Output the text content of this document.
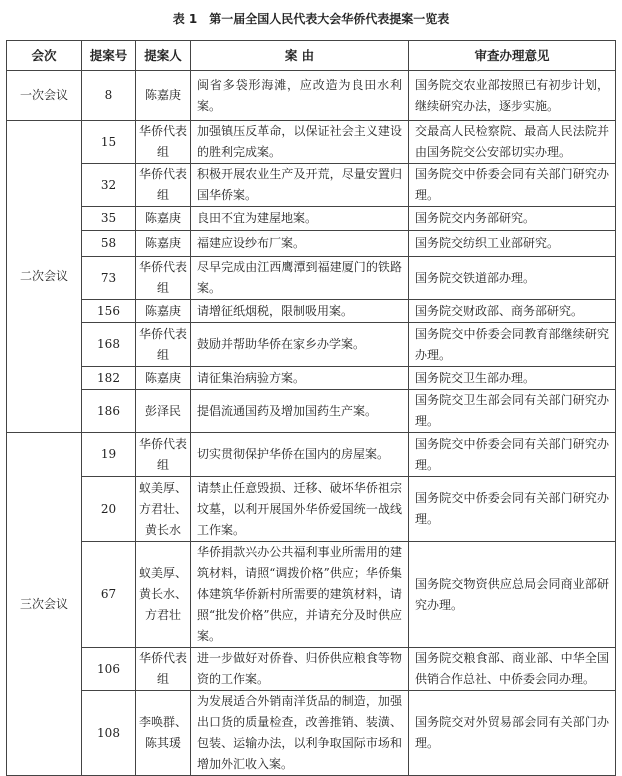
表 1　第一届全国人民代表大会华侨代表提案一览表
会次	提案号	提案人	案 由	审查办理意见
一次会议	8	陈嘉庚	闽省多袋形海滩，应改造为良田水利案。	国务院交农业部按照已有初步计划，继续研究办法，逐步实施。
二次会议	15	华侨代表组	加强镇压反革命，以保证社会主义建设的胜利完成案。	交最高人民检察院、最高人民法院并由国务院交公安部切实办理。
	32	华侨代表组	积极开展农业生产及开荒，尽量安置归国华侨案。	国务院交中侨委会同有关部门研究办理。
	35	陈嘉庚	良田不宜为建屋地案。	国务院交内务部研究。
	58	陈嘉庚	福建应设纱布厂案。	国务院交纺织工业部研究。
	73	华侨代表组	尽早完成由江西鹰潭到福建厦门的铁路案。	国务院交铁道部办理。
	156	陈嘉庚	请增征纸烟税，限制吸用案。	国务院交财政部、商务部研究。
	168	华侨代表组	鼓励并帮助华侨在家乡办学案。	国务院交中侨委会同教育部继续研究办理。
	182	陈嘉庚	请征集治病验方案。	国务院交卫生部办理。
	186	彭泽民	提倡流通国药及增加国药生产案。	国务院交卫生部会同有关部门研究办理。
三次会议	19	华侨代表组	切实贯彻保护华侨在国内的房屋案。	国务院交中侨委会同有关部门研究办理。
	20	蚁美厚、方君壮、黄长水	请禁止任意毁损、迁移、破坏华侨祖宗坟墓，以利开展国外华侨爱国统一战线工作案。	国务院交中侨委会同有关部门研究办理。
	67	蚁美厚、黄长水、方君壮	华侨捐款兴办公共福利事业所需用的建筑材料，请照“调拨价格”供应；华侨集体建筑华侨新村所需要的建筑材料，请照“批发价格”供应，并请充分及时供应案。	国务院交物资供应总局会同商业部研究办理。
	106	华侨代表组	进一步做好对侨眷、归侨供应粮食等物资的工作案。	国务院交粮食部、商业部、中华全国供销合作总社、中侨委会同办理。
	108	李唤群、陈其瑗	为发展适合外销南洋货品的制造，加强出口货的质量检查，改善推销、装潢、包装、运输办法，以利争取国际市场和增加外汇收入案。	国务院交对外贸易部会同有关部门办理。
